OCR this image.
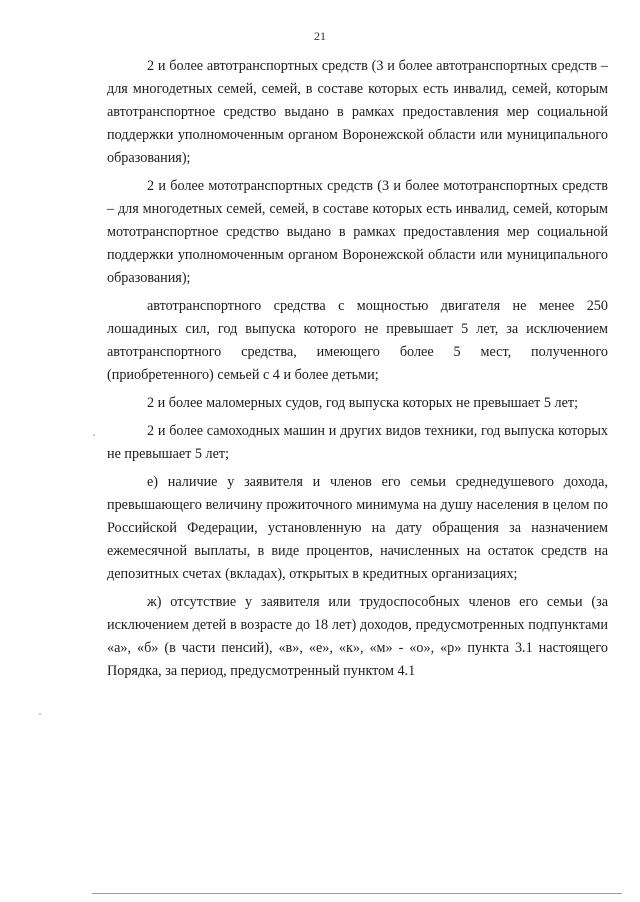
21

2 и более автотранспортных средств (3 и более автотранспортных средств – для многодетных семей, семей, в составе которых есть инвалид, семей, которым автотранспортное средство выдано в рамках предоставления мер социальной поддержки уполномоченным органом Воронежской области или муниципального образования);

2 и более мототранспортных средств (3 и более мототранспортных средств – для многодетных семей, семей, в составе которых есть инвалид, семей, которым мототранспортное средство выдано в рамках предоставления мер социальной поддержки уполномоченным органом Воронежской области или муниципального образования);

автотранспортного средства с мощностью двигателя не менее 250 лошадиных сил, год выпуска которого не превышает 5 лет, за исключением автотранспортного средства, имеющего более 5 мест, полученного (приобретенного) семьей с 4 и более детьми;

2 и более маломерных судов, год выпуска которых не превышает 5 лет;

2 и более самоходных машин и других видов техники, год выпуска которых не превышает 5 лет;

е) наличие у заявителя и членов его семьи среднедушевого дохода, превышающего величину прожиточного минимума на душу населения в целом по Российской Федерации, установленную на дату обращения за назначением ежемесячной выплаты, в виде процентов, начисленных на остаток средств на депозитных счетах (вкладах), открытых в кредитных организациях;

ж) отсутствие у заявителя или трудоспособных членов его семьи (за исключением детей в возрасте до 18 лет) доходов, предусмотренных подпунктами «а», «б» (в части пенсий), «в», «е», «к», «м» - «о», «р» пункта 3.1 настоящего Порядка, за период, предусмотренный пунктом 4.1
